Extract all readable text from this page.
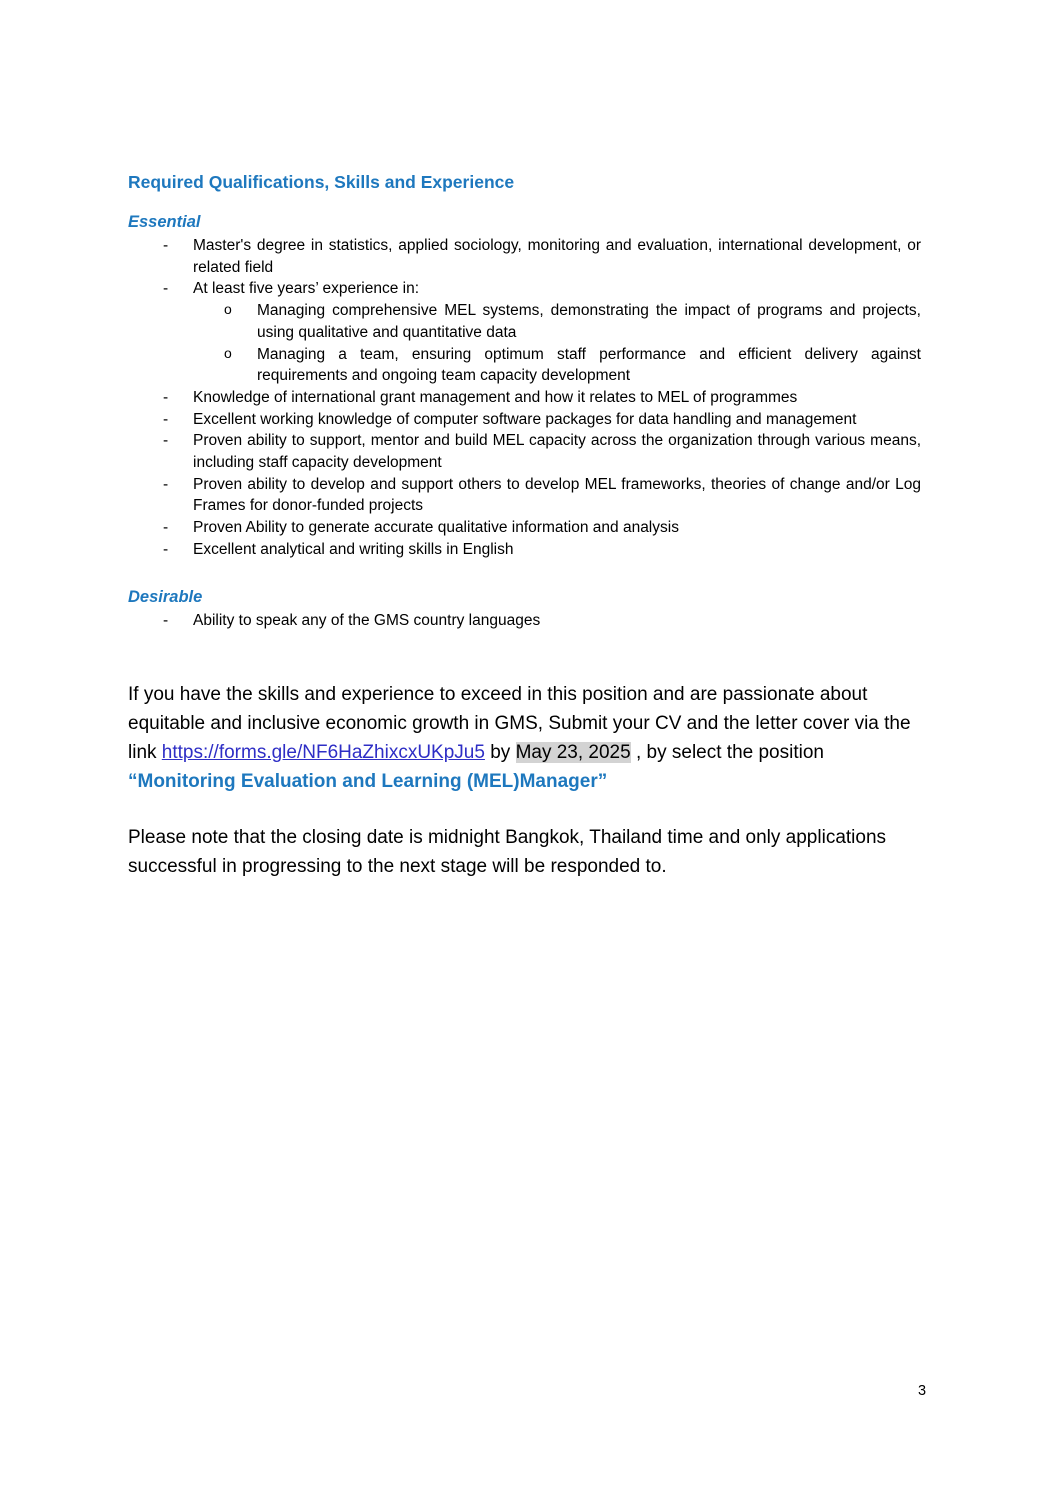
Required Qualifications, Skills and Experience
Essential
- Master's degree in statistics, applied sociology, monitoring and evaluation, international development, or related field
- At least five years’ experience in:
o Managing comprehensive MEL systems, demonstrating the impact of programs and projects, using qualitative and quantitative data
o Managing a team, ensuring optimum staff performance and efficient delivery against requirements and ongoing team capacity development
- Knowledge of international grant management and how it relates to MEL of programmes
- Excellent working knowledge of computer software packages for data handling and management
- Proven ability to support, mentor and build MEL capacity across the organization through various means, including staff capacity development
- Proven ability to develop and support others to develop MEL frameworks, theories of change and/or Log Frames for donor-funded projects
- Proven Ability to generate accurate qualitative information and analysis
- Excellent analytical and writing skills in English
Desirable
- Ability to speak any of the GMS country languages

If you have the skills and experience to exceed in this position and are passionate about equitable and inclusive economic growth in GMS, Submit your CV and the letter cover via the link https://forms.gle/NF6HaZhixcxUKpJu5 by May 23, 2025 , by select the position “Monitoring Evaluation and Learning (MEL)Manager”

Please note that the closing date is midnight Bangkok, Thailand time and only applications successful in progressing to the next stage will be responded to.

3
